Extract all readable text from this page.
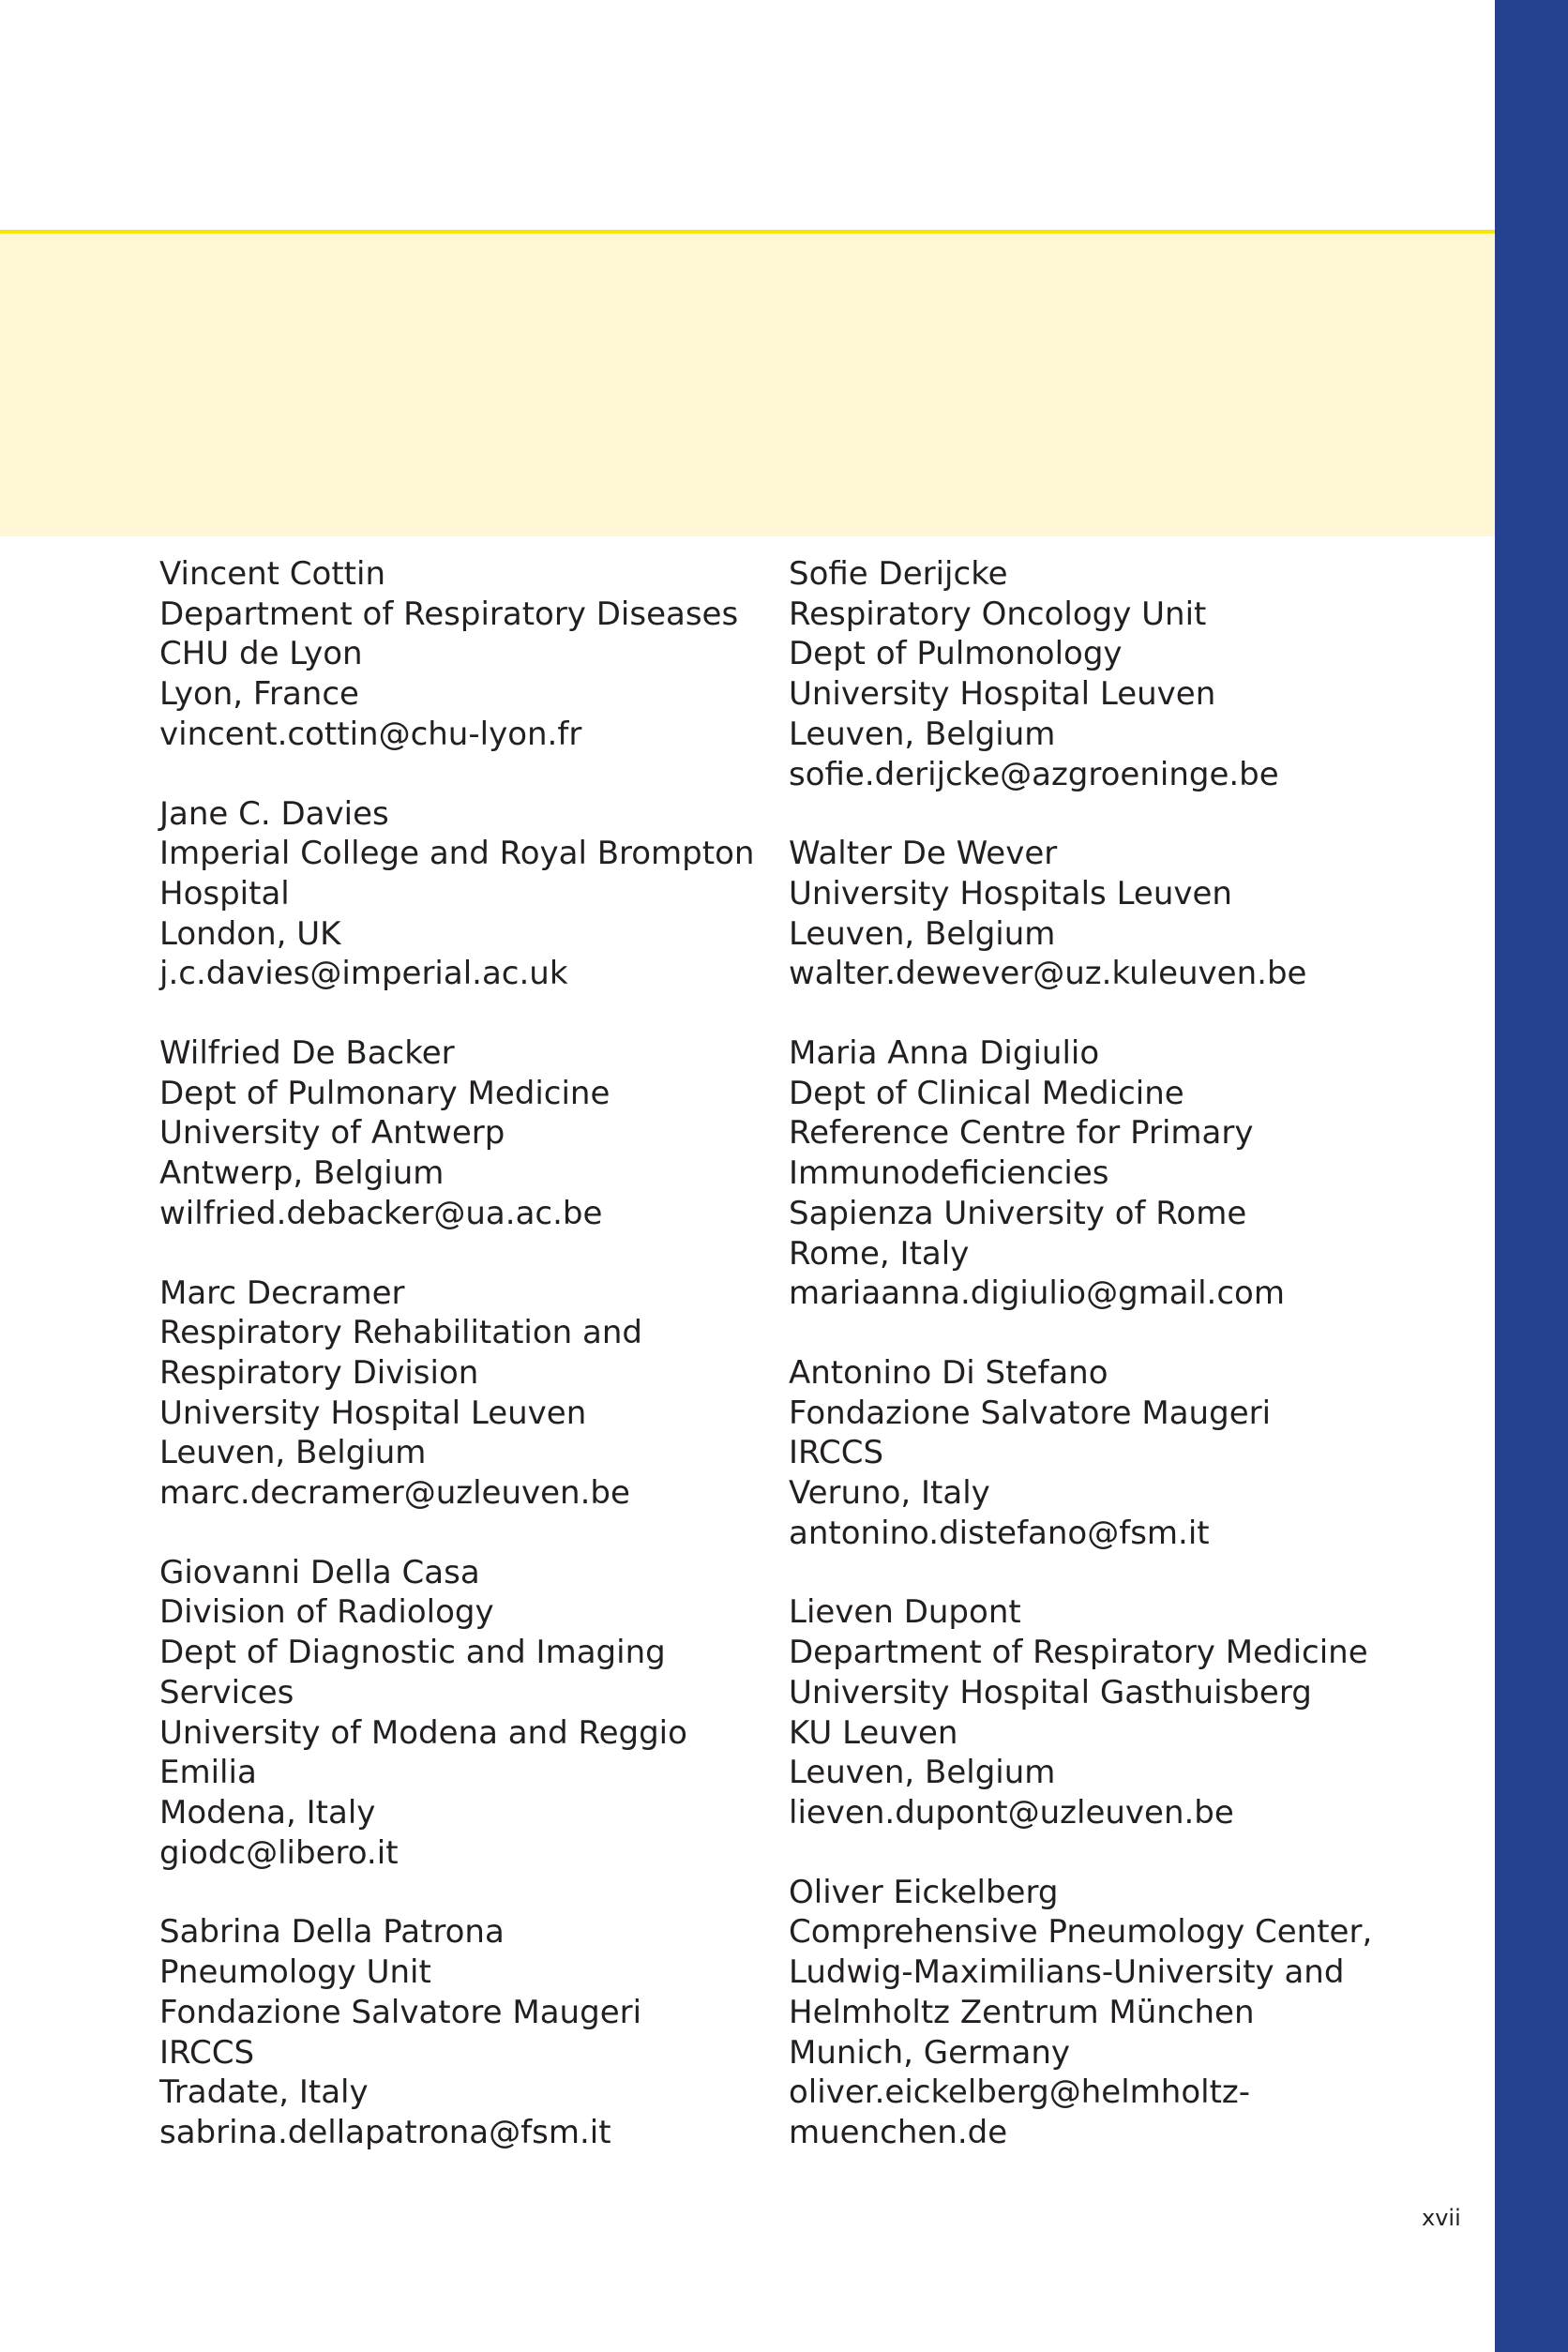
Vincent Cottin
Department of Respiratory Diseases
CHU de Lyon
Lyon, France
vincent.cottin@chu-lyon.fr
Jane C. Davies
Imperial College and Royal Brompton
Hospital
London, UK
j.c.davies@imperial.ac.uk
Wilfried De Backer
Dept of Pulmonary Medicine
University of Antwerp
Antwerp, Belgium
wilfried.debacker@ua.ac.be
Marc Decramer
Respiratory Rehabilitation and
Respiratory Division
University Hospital Leuven
Leuven, Belgium
marc.decramer@uzleuven.be
Giovanni Della Casa
Division of Radiology
Dept of Diagnostic and Imaging
Services
University of Modena and Reggio
Emilia
Modena, Italy
giodc@libero.it
Sabrina Della Patrona
Pneumology Unit
Fondazione Salvatore Maugeri
IRCCS
Tradate, Italy
sabrina.dellapatrona@fsm.it
Sofie Derijcke
Respiratory Oncology Unit
Dept of Pulmonology
University Hospital Leuven
Leuven, Belgium
sofie.derijcke@azgroeninge.be
Walter De Wever
University Hospitals Leuven
Leuven, Belgium
walter.dewever@uz.kuleuven.be
Maria Anna Digiulio
Dept of Clinical Medicine
Reference Centre for Primary
Immunodeficiencies
Sapienza University of Rome
Rome, Italy
mariaanna.digiulio@gmail.com
Antonino Di Stefano
Fondazione Salvatore Maugeri
IRCCS
Veruno, Italy
antonino.distefano@fsm.it
Lieven Dupont
Department of Respiratory Medicine
University Hospital Gasthuisberg
KU Leuven
Leuven, Belgium
lieven.dupont@uzleuven.be
Oliver Eickelberg
Comprehensive Pneumology Center,
Ludwig-Maximilians-University and
Helmholtz Zentrum München
Munich, Germany
oliver.eickelberg@helmholtz-
muenchen.de
xvii
